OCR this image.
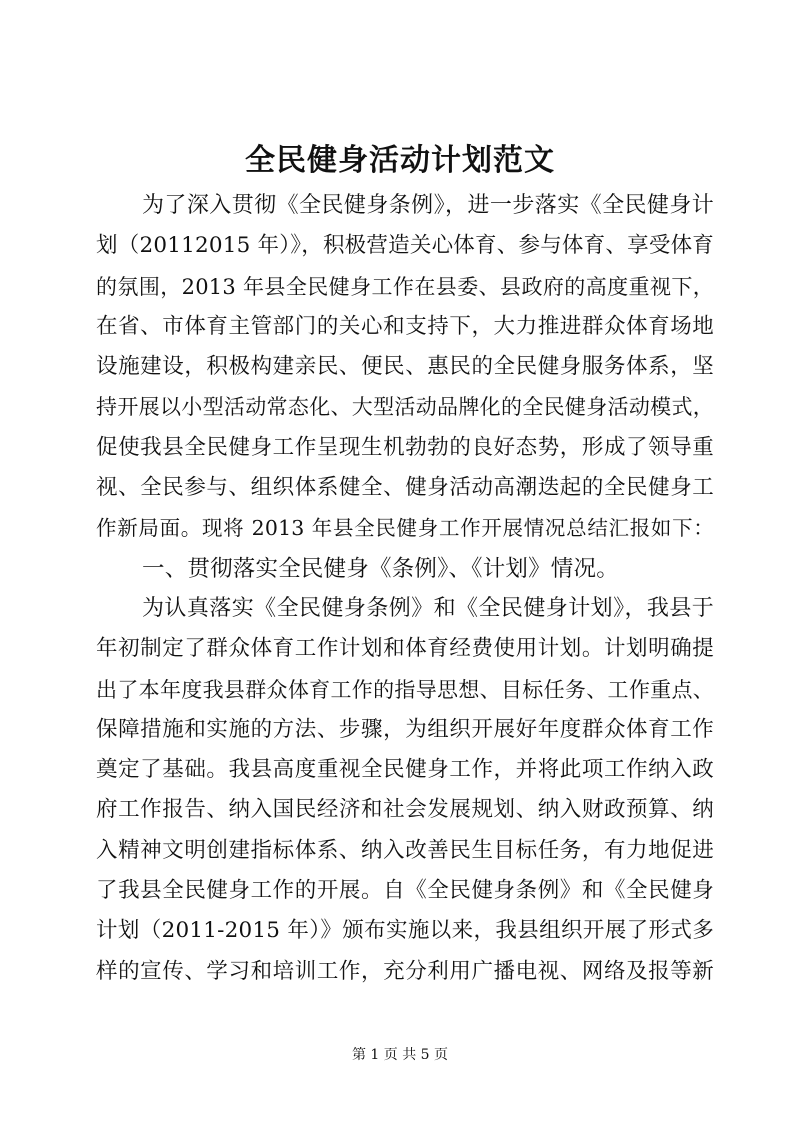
全民健身活动计划范文
为了深入贯彻《全民健身条例》，进一步落实《全民健身计
划（20112015 年）》，积极营造关心体育、参与体育、享受体育
的氛围，2013 年县全民健身工作在县委、县政府的高度重视下，
在省、市体育主管部门的关心和支持下，大力推进群众体育场地
设施建设，积极构建亲民、便民、惠民的全民健身服务体系，坚
持开展以小型活动常态化、大型活动品牌化的全民健身活动模式，
促使我县全民健身工作呈现生机勃勃的良好态势，形成了领导重
视、全民参与、组织体系健全、健身活动高潮迭起的全民健身工
作新局面。现将 2013 年县全民健身工作开展情况总结汇报如下：
一、贯彻落实全民健身《条例》、《计划》情况。
为认真落实《全民健身条例》和《全民健身计划》，我县于
年初制定了群众体育工作计划和体育经费使用计划。计划明确提
出了本年度我县群众体育工作的指导思想、目标任务、工作重点、
保障措施和实施的方法、步骤，为组织开展好年度群众体育工作
奠定了基础。我县高度重视全民健身工作，并将此项工作纳入政
府工作报告、纳入国民经济和社会发展规划、纳入财政预算、纳
入精神文明创建指标体系、纳入改善民生目标任务，有力地促进
了我县全民健身工作的开展。自《全民健身条例》和《全民健身
计划（2011-2015 年）》颁布实施以来，我县组织开展了形式多
样的宣传、学习和培训工作，充分利用广播电视、网络及报等新
第 1 页 共 5 页
